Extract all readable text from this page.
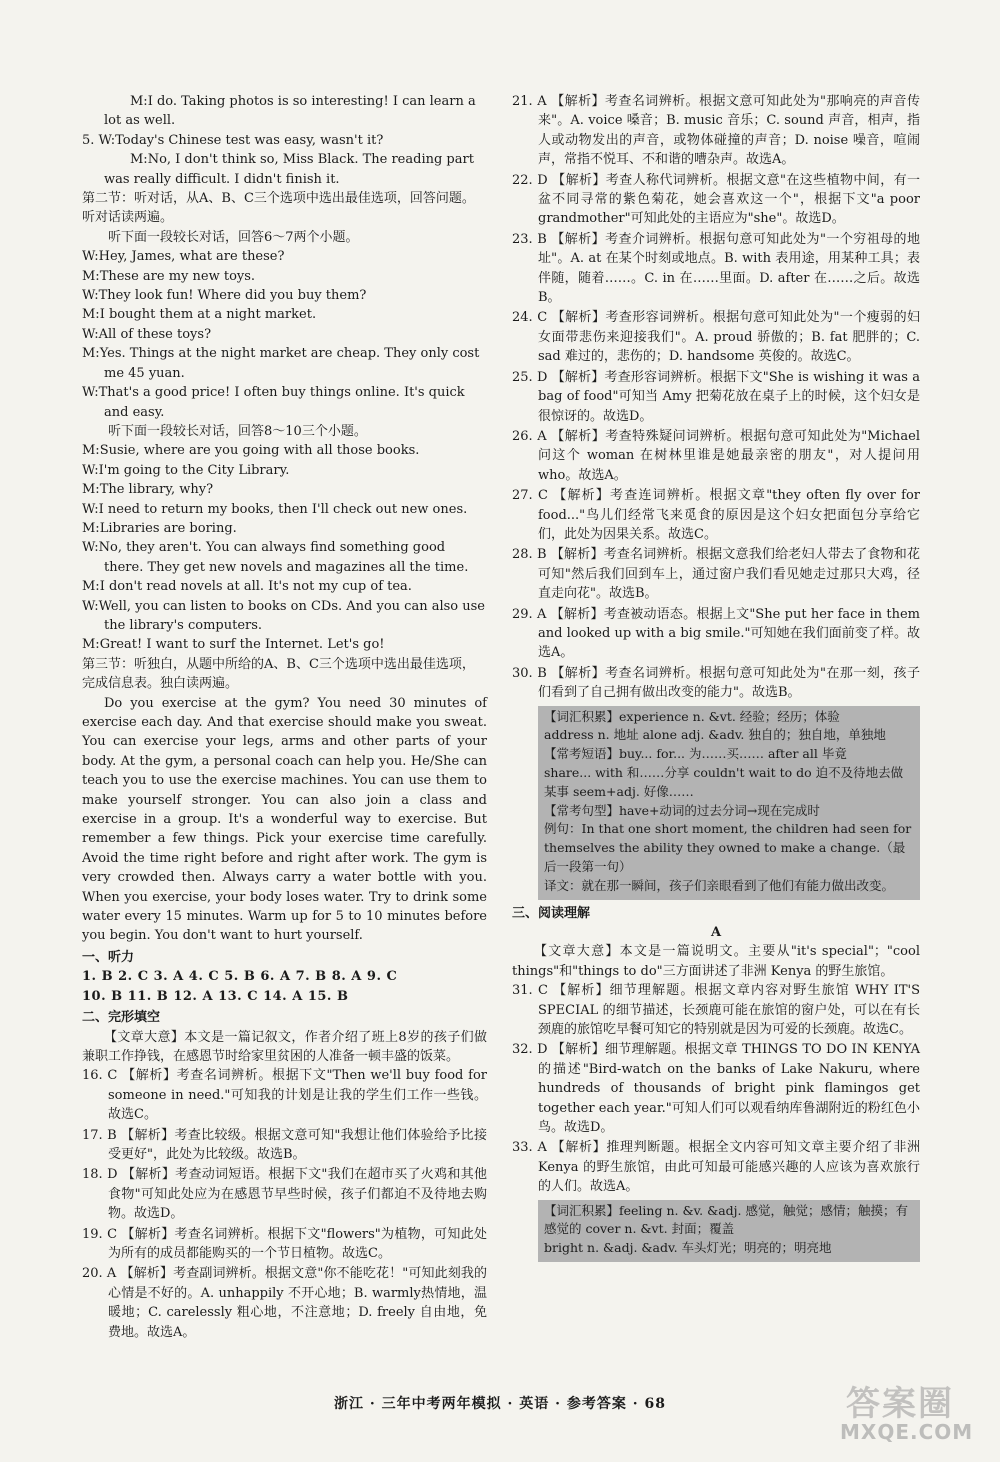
M:I do. Taking photos is so interesting! I can learn a lot as well.

5. W:Today's Chinese test was easy, wasn't it?

M:No, I don't think so, Miss Black. The reading part was really difficult. I didn't finish it.

第二节：听对话，从A、B、C三个选项中选出最佳选项，回答问题。听对话读两遍。

听下面一段较长对话，回答6～7两个小题。

W:Hey, James, what are these?

M:These are my new toys.

W:They look fun! Where did you buy them?

M:I bought them at a night market.

W:All of these toys?

M:Yes. Things at the night market are cheap. They only cost me 45 yuan.

W:That's a good price! I often buy things online. It's quick and easy.

听下面一段较长对话，回答8～10三个小题。

M:Susie, where are you going with all those books.

W:I'm going to the City Library.

M:The library, why?

W:I need to return my books, then I'll check out new ones.

M:Libraries are boring.

W:No, they aren't. You can always find something good there. They get new novels and magazines all the time.

M:I don't read novels at all. It's not my cup of tea.

W:Well, you can listen to books on CDs. And you can also use the library's computers.

M:Great! I want to surf the Internet. Let's go!

第三节：听独白，从题中所给的A、B、C三个选项中选出最佳选项，完成信息表。独白读两遍。

Do you exercise at the gym? You need 30 minutes of exercise each day. And that exercise should make you sweat. You can exercise your legs, arms and other parts of your body. At the gym, a personal coach can help you. He/She can teach you to use the exercise machines. You can use them to make yourself stronger. You can also join a class and exercise in a group. It's a wonderful way to exercise. But remember a few things. Pick your exercise time carefully. Avoid the time right before and right after work. The gym is very crowded then. Always carry a water bottle with you. When you exercise, your body loses water. Try to drink some water every 15 minutes. Warm up for 5 to 10 minutes before you begin. You don't want to hurt yourself.

一、听力

1. B 2. C 3. A 4. C 5. B 6. A 7. B 8. A 9. C

10. B 11. B 12. A 13. C 14. A 15. B

二、完形填空

【文章大意】本文是一篇记叙文，作者介绍了班上8岁的孩子们做兼职工作挣钱，在感恩节时给家里贫困的人准备一顿丰盛的饭菜。

16. C 【解析】考查名词辨析。根据下文"Then we'll buy food for someone in need."可知我的计划是让我的学生们工作一些钱。故选C。

17. B 【解析】考查比较级。根据文意可知"我想让他们体验给予比接受更好"，此处为比较级。故选B。

18. D 【解析】考查动词短语。根据下文"我们在超市买了火鸡和其他食物"可知此处应为在感恩节早些时候，孩子们都迫不及待地去购物。故选D。

19. C 【解析】考查名词辨析。根据下文"flowers"为植物，可知此处为所有的成员都能购买的一个节日植物。故选C。

20. A 【解析】考查副词辨析。根据文意"你不能吃花！"可知此刻我的心情是不好的。A. unhappily 不开心地；B. warmly热情地，温暖地；C. carelessly 粗心地，不注意地；D. freely 自由地，免费地。故选A。

21. A 【解析】考查名词辨析。根据文意可知此处为"那响亮的声音传来"。A. voice 嗓音；B. music 音乐；C. sound 声音，相声，指人或动物发出的声音，或物体碰撞的声音；D. noise 噪音，喧闹声，常指不悦耳、不和谐的嘈杂声。故选A。

22. D 【解析】考查人称代词辨析。根据文意"在这些植物中间，有一盆不同寻常的紫色菊花，她会喜欢这一个"，根据下文"a poor grandmother"可知此处的主语应为"she"。故选D。

23. B 【解析】考查介词辨析。根据句意可知此处为"一个穷祖母的地址"。A. at 在某个时刻或地点。B. with 表用途，用某种工具；表伴随，随着……。C. in 在……里面。D. after 在……之后。故选B。

24. C 【解析】考查形容词辨析。根据句意可知此处为"一个瘦弱的妇女面带悲伤来迎接我们"。A. proud 骄傲的；B. fat 肥胖的；C. sad 难过的，悲伤的；D. handsome 英俊的。故选C。

25. D 【解析】考查形容词辨析。根据下文"She is wishing it was a bag of food"可知当 Amy 把菊花放在桌子上的时候，这个妇女是很惊讶的。故选D。

26. A 【解析】考查特殊疑问词辨析。根据句意可知此处为"Michael 问这个 woman 在树林里谁是她最亲密的朋友"，对人提问用 who。故选A。

27. C 【解析】考查连词辨析。根据文章"they often fly over for food..."鸟儿们经常飞来觅食的原因是这个妇女把面包分享给它们，此处为因果关系。故选C。

28. B 【解析】考查名词辨析。根据文意我们给老妇人带去了食物和花可知"然后我们回到车上，通过窗户我们看见她走过那只大鸡，径直走向花"。故选B。

29. A 【解析】考查被动语态。根据上文"She put her face in them and looked up with a big smile."可知她在我们面前变了样。故选A。

30. B 【解析】考查名词辨析。根据句意可知此处为"在那一刻，孩子们看到了自己拥有做出改变的能力"。故选B。

【词汇积累】experience n. &vt. 经验；经历；体验

address n. 地址 alone adj. &adv. 独自的；独自地，单独地

【常考短语】buy... for... 为……买…… after all 毕竟

share... with 和……分享 couldn't wait to do 迫不及待地去做某事 seem+adj. 好像……

【常考句型】have+动词的过去分词→现在完成时

例句：In that one short moment, the children had seen for themselves the ability they owned to make a change.（最后一段第一句）

译文：就在那一瞬间，孩子们亲眼看到了他们有能力做出改变。

三、阅读理解

A

【文章大意】本文是一篇说明文。主要从"it's special"；"cool things"和"things to do"三方面讲述了非洲 Kenya 的野生旅馆。

31. C 【解析】细节理解题。根据文章内容对野生旅馆 WHY IT'S SPECIAL 的细节描述，长颈鹿可能在旅馆的窗户处，可以在有长颈鹿的旅馆吃早餐可知它的特别就是因为可爱的长颈鹿。故选C。

32. D 【解析】细节理解题。根据文章 THINGS TO DO IN KENYA 的描述"Bird-watch on the banks of Lake Nakuru, where hundreds of thousands of bright pink flamingos get together each year."可知人们可以观看纳库鲁湖附近的粉红色小鸟。故选D。

33. A 【解析】推理判断题。根据全文内容可知文章主要介绍了非洲 Kenya 的野生旅馆，由此可知最可能感兴趣的人应该为喜欢旅行的人们。故选A。

【词汇积累】feeling n. &v. &adj. 感觉，触觉；感情；触摸；有感觉的 cover n. &vt. 封面；覆盖

bright n. &adj. &adv. 车头灯光；明亮的；明亮地

浙江 · 三年中考两年模拟 · 英语 · 参考答案 · 68	答案圈
MXQE.COM
